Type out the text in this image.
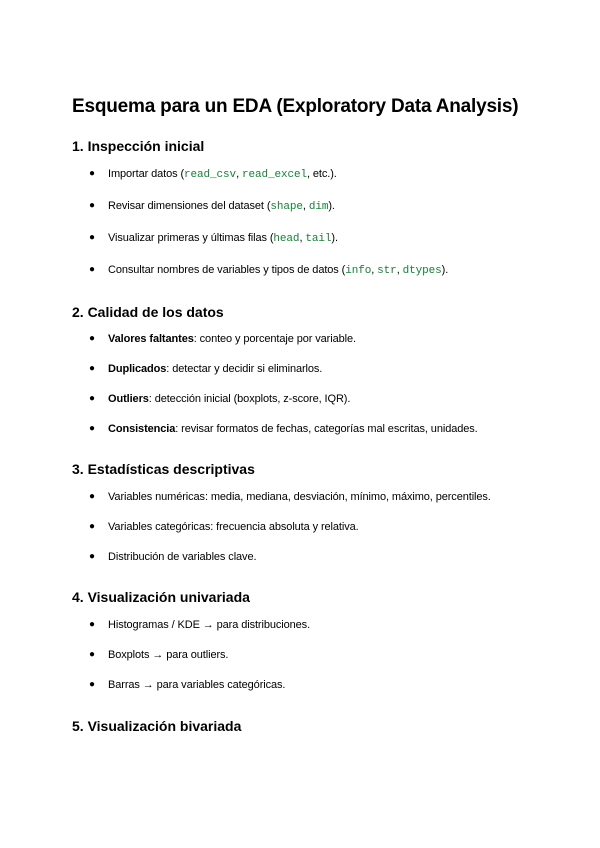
Esquema para un EDA (Exploratory Data Analysis)
1. Inspección inicial
● Importar datos (read_csv, read_excel, etc.).
● Revisar dimensiones del dataset (shape, dim).
● Visualizar primeras y últimas filas (head, tail).
● Consultar nombres de variables y tipos de datos (info, str, dtypes).
2. Calidad de los datos
● Valores faltantes: conteo y porcentaje por variable.
● Duplicados: detectar y decidir si eliminarlos.
● Outliers: detección inicial (boxplots, z-score, IQR).
● Consistencia: revisar formatos de fechas, categorías mal escritas, unidades.
3. Estadísticas descriptivas
● Variables numéricas: media, mediana, desviación, mínimo, máximo, percentiles.
● Variables categóricas: frecuencia absoluta y relativa.
● Distribución de variables clave.
4. Visualización univariada
● Histogramas / KDE → para distribuciones.
● Boxplots → para outliers.
● Barras → para variables categóricas.
5. Visualización bivariada
